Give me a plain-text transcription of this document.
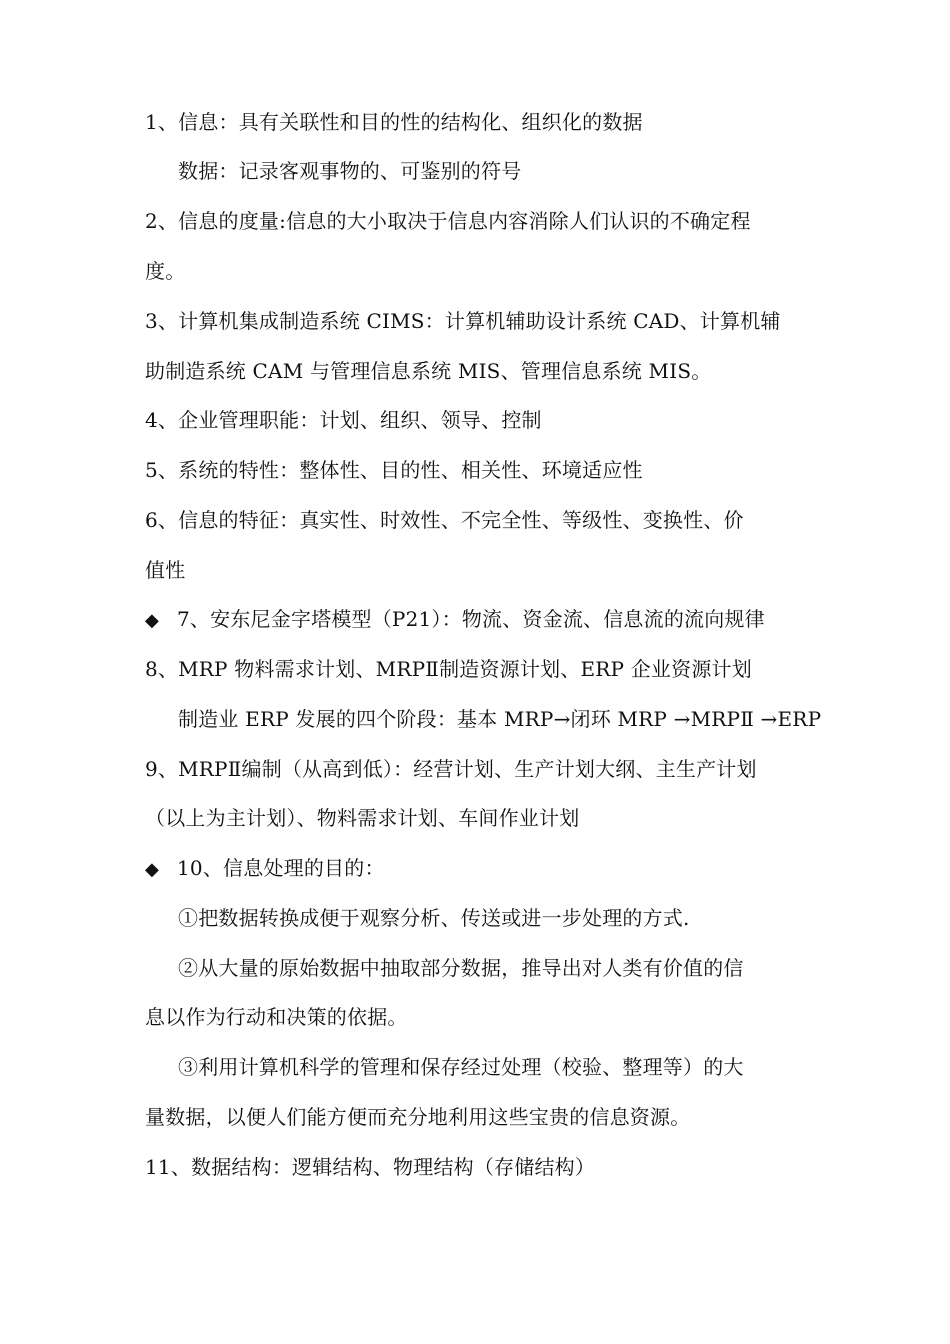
1、信息：具有关联性和目的性的结构化、组织化的数据
数据：记录客观事物的、可鉴别的符号
2、信息的度量:信息的大小取决于信息内容消除人们认识的不确定程
度。
3、计算机集成制造系统 CIMS：计算机辅助设计系统 CAD、计算机辅
助制造系统 CAM 与管理信息系统 MIS、管理信息系统 MIS。
4、企业管理职能：计划、组织、领导、控制
5、系统的特性：整体性、目的性、相关性、环境适应性
6、信息的特征：真实性、时效性、不完全性、等级性、变换性、价
值性
◆ 7、安东尼金字塔模型（P21）：物流、资金流、信息流的流向规律
8、MRP 物料需求计划、MRPⅡ制造资源计划、ERP 企业资源计划
制造业 ERP 发展的四个阶段：基本 MRP→闭环 MRP →MRPⅡ →ERP
9、MRPⅡ编制（从高到低）：经营计划、生产计划大纲、主生产计划
（以上为主计划）、物料需求计划、车间作业计划
◆ 10、信息处理的目的：
①把数据转换成便于观察分析、传送或进一步处理的方式.
②从大量的原始数据中抽取部分数据，推导出对人类有价值的信
息以作为行动和决策的依据。
③利用计算机科学的管理和保存经过处理（校验、整理等）的大
量数据，以便人们能方便而充分地利用这些宝贵的信息资源。
11、数据结构：逻辑结构、物理结构（存储结构）
